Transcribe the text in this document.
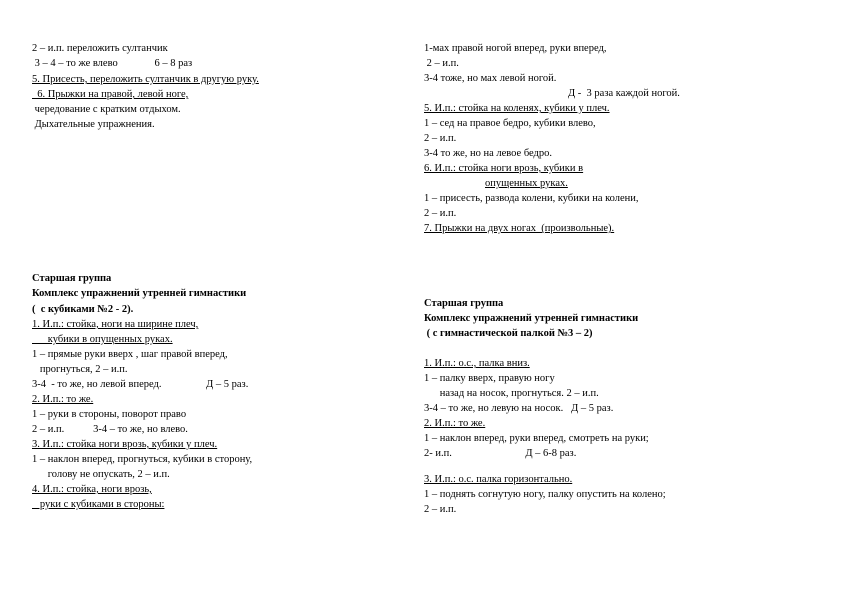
2 – и.п. переложить султанчик
3 – 4 – то же влево              6 – 8 раз
5. Присесть, переложить султанчик в другую руку.
6. Прыжки на правой, левой ноге,
чередование с кратким отдыхом.
Дыхательные упражнения.
Старшая группа
Комплекс упражнений утренней гимнастики
(  с кубиками №2 - 2).
1. И.п.: стойка, ноги на ширине плеч,
кубики в опущенных руках.
1 – прямые руки вверх , шаг правой вперед,
прогнуться, 2 – и.п.
3-4  - то же, но левой вперед.                 Д – 5 раз.
2. И.п.: то же.
1 – руки в стороны, поворот право
2 – и.п.           3-4 – то же, но влево.
3. И.п.: стойка ноги врозь, кубики у плеч.
1 – наклон вперед, прогнуться, кубики в сторону,
голову не опускать, 2 – и.п.
4. И.п.: стойка, ноги врозь,
руки с кубиками в стороны:
1-мах правой ногой вперед, руки вперед,
2 – и.п.
3-4 тоже, но мах левой ногой.
Д -  3 раза каждой ногой.
5. И.п.: стойка на коленях, кубики у плеч.
1 – сед на правое бедро, кубики влево,
2 – и.п.
3-4 то же, но на левое бедро.
6. И.п.: стойка ноги врозь, кубики в
опущенных руках.
1 – присесть, развода колени, кубики на колени,
2 – и.п.
7. Прыжки на двух ногах  (произвольные).
Старшая группа
Комплекс упражнений утренней гимнастики
( с гимнастической палкой №3 – 2)
1. И.п.: о.с., палка вниз.
1 – палку вверх, правую ногу
назад на носок, прогнуться. 2 – и.п.
3-4 – то же, но левую на носок.   Д – 5 раз.
2. И.п.: то же.
1 – наклон вперед, руки вперед, смотреть на руки;
2- и.п.                            Д – 6-8 раз.
3. И.п.: о.с. палка горизонтально.
1 – поднять согнутую ногу, палку опустить на колено;
2 – и.п.
